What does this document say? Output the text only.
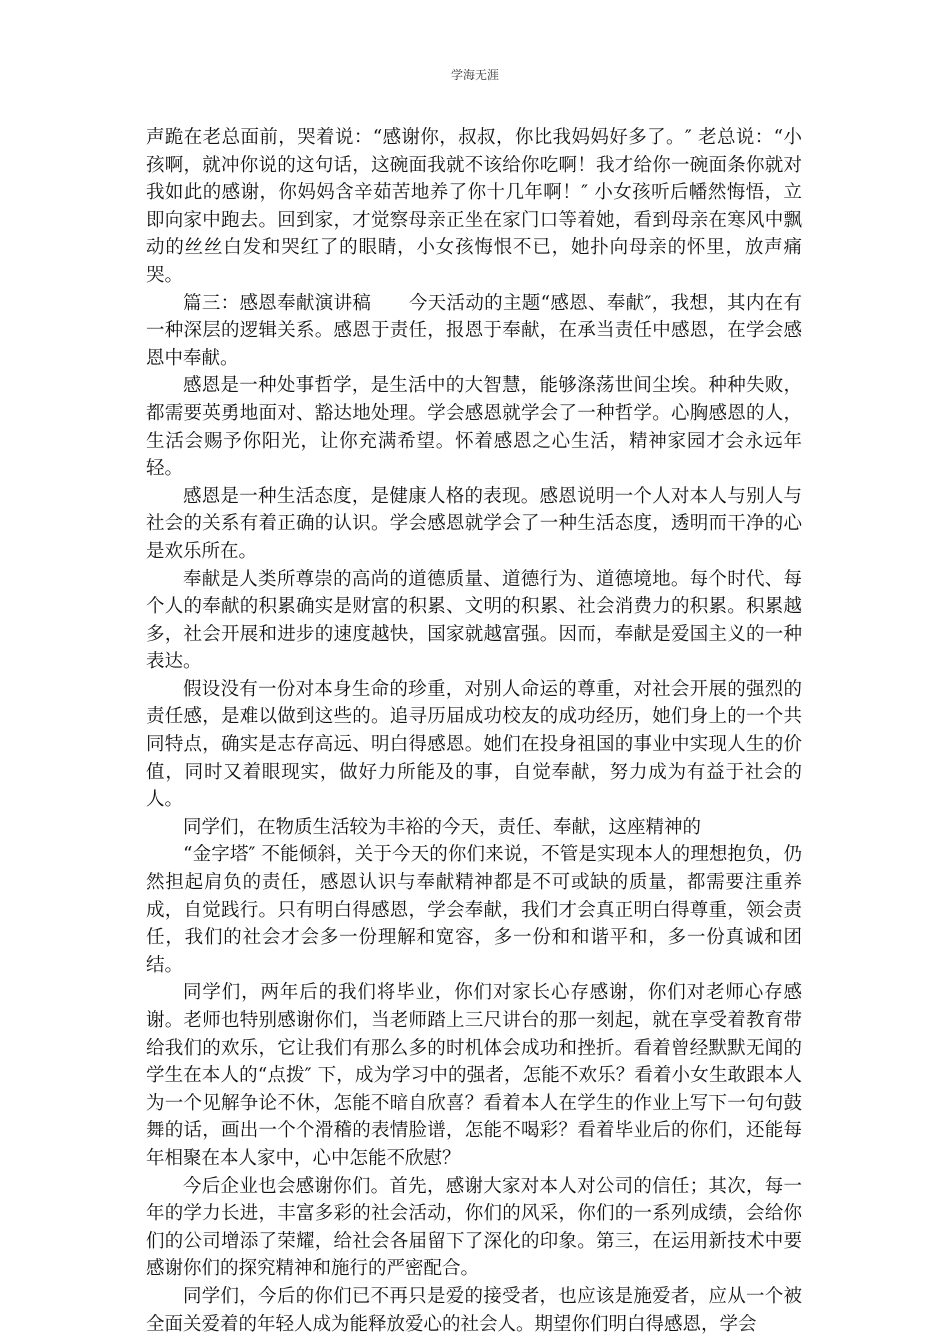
学海无涯

声跪在老总面前，哭着说：“感谢你，叔叔，你比我妈妈好多了。″ 老总说：“小孩啊，就冲你说的这句话，这碗面我就不该给你吃啊！我才给你一碗面条你就对我如此的感谢，你妈妈含辛茹苦地养了你十几年啊！″ 小女孩听后幡然悔悟，立即向家中跑去。回到家，才觉察母亲正坐在家门口等着她，看到母亲在寒风中飘动的丝丝白发和哭红了的眼睛，小女孩悔恨不已，她扑向母亲的怀里，放声痛哭。

篇三：感恩奉献演讲稿　　今天活动的主题“感恩、奉献″，我想，其内在有一种深层的逻辑关系。感恩于责任，报恩于奉献，在承当责任中感恩，在学会感恩中奉献。

感恩是一种处事哲学，是生活中的大智慧，能够涤荡世间尘埃。种种失败，都需要英勇地面对、豁达地处理。学会感恩就学会了一种哲学。心胸感恩的人，生活会赐予你阳光，让你充满希望。怀着感恩之心生活，精神家园才会永远年轻。

感恩是一种生活态度，是健康人格的表现。感恩说明一个人对本人与别人与社会的关系有着正确的认识。学会感恩就学会了一种生活态度，透明而干净的心是欢乐所在。

奉献是人类所尊崇的高尚的道德质量、道德行为、道德境地。每个时代、每个人的奉献的积累确实是财富的积累、文明的积累、社会消费力的积累。积累越多，社会开展和进步的速度越快，国家就越富强。因而，奉献是爱国主义的一种表达。

假设没有一份对本身生命的珍重，对别人命运的尊重，对社会开展的强烈的责任感，是难以做到这些的。追寻历届成功校友的成功经历，她们身上的一个共同特点，确实是志存高远、明白得感恩。她们在投身祖国的事业中实现人生的价值，同时又着眼现实，做好力所能及的事，自觉奉献，努力成为有益于社会的人。

同学们，在物质生活较为丰裕的今天，责任、奉献，这座精神的

“金字塔″ 不能倾斜，关于今天的你们来说，不管是实现本人的理想抱负，仍然担起肩负的责任，感恩认识与奉献精神都是不可或缺的质量，都需要注重养成，自觉践行。只有明白得感恩，学会奉献，我们才会真正明白得尊重，领会责任，我们的社会才会多一份理解和宽容，多一份和和谐平和，多一份真诚和团结。

同学们，两年后的我们将毕业，你们对家长心存感谢，你们对老师心存感谢。老师也特别感谢你们，当老师踏上三尺讲台的那一刻起，就在享受着教育带给我们的欢乐，它让我们有那么多的时机体会成功和挫折。看着曾经默默无闻的学生在本人的“点拨″ 下，成为学习中的强者，怎能不欢乐？看着小女生敢跟本人为一个见解争论不休，怎能不暗自欣喜？看着本人在学生的作业上写下一句句鼓舞的话，画出一个个滑稽的表情脸谱，怎能不喝彩？看着毕业后的你们，还能每年相聚在本人家中，心中怎能不欣慰？

今后企业也会感谢你们。首先，感谢大家对本人对公司的信任；其次，每一年的学力长进，丰富多彩的社会活动，你们的风采，你们的一系列成绩，会给你们的公司增添了荣耀，给社会各届留下了深化的印象。第三，在运用新技术中要感谢你们的探究精神和施行的严密配合。

同学们，今后的你们已不再只是爱的接受者，也应该是施爱者，应从一个被全面关爱着的年轻人成为能释放爱心的社会人。期望你们明白得感恩，学会
